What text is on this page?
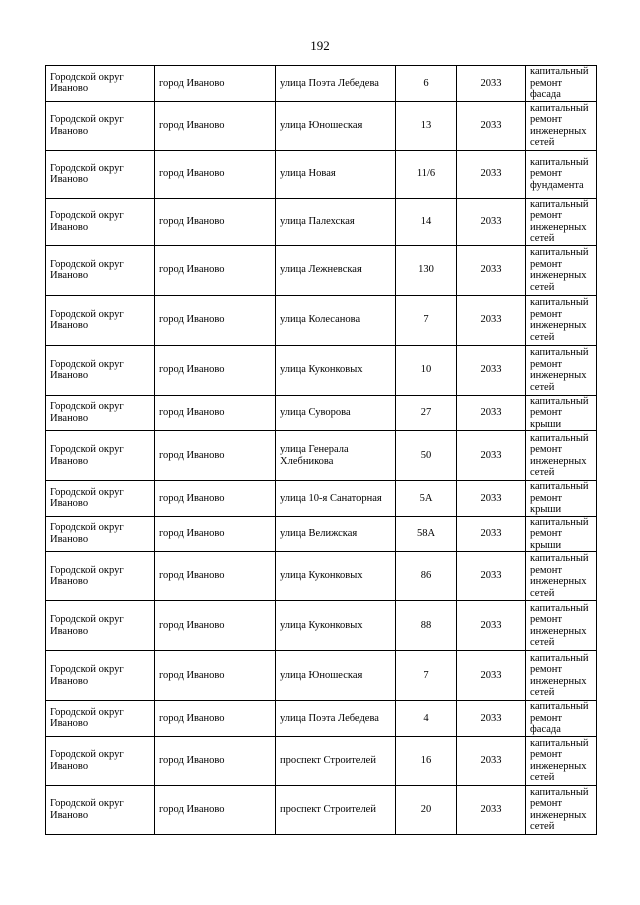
192
Городской округ Иваново	город Иваново	улица Поэта Лебедева	6	2033	капитальный ремонт фасада
Городской округ Иваново	город Иваново	улица Юношеская	13	2033	капитальный ремонт инженерных сетей
Городской округ Иваново	город Иваново	улица Новая	11/6	2033	капитальный ремонт фундамента
Городской округ Иваново	город Иваново	улица Палехская	14	2033	капитальный ремонт инженерных сетей
Городской округ Иваново	город Иваново	улица Лежневская	130	2033	капитальный ремонт инженерных сетей
Городской округ Иваново	город Иваново	улица Колесанова	7	2033	капитальный ремонт инженерных сетей
Городской округ Иваново	город Иваново	улица Куконковых	10	2033	капитальный ремонт инженерных сетей
Городской округ Иваново	город Иваново	улица Суворова	27	2033	капитальный ремонт крыши
Городской округ Иваново	город Иваново	улица Генерала Хлебникова	50	2033	капитальный ремонт инженерных сетей
Городской округ Иваново	город Иваново	улица 10-я Санаторная	5А	2033	капитальный ремонт крыши
Городской округ Иваново	город Иваново	улица Велижская	58А	2033	капитальный ремонт крыши
Городской округ Иваново	город Иваново	улица Куконковых	86	2033	капитальный ремонт инженерных сетей
Городской округ Иваново	город Иваново	улица Куконковых	88	2033	капитальный ремонт инженерных сетей
Городской округ Иваново	город Иваново	улица Юношеская	7	2033	капитальный ремонт инженерных сетей
Городской округ Иваново	город Иваново	улица Поэта Лебедева	4	2033	капитальный ремонт фасада
Городской округ Иваново	город Иваново	проспект Строителей	16	2033	капитальный ремонт инженерных сетей
Городской округ Иваново	город Иваново	проспект Строителей	20	2033	капитальный ремонт инженерных сетей
